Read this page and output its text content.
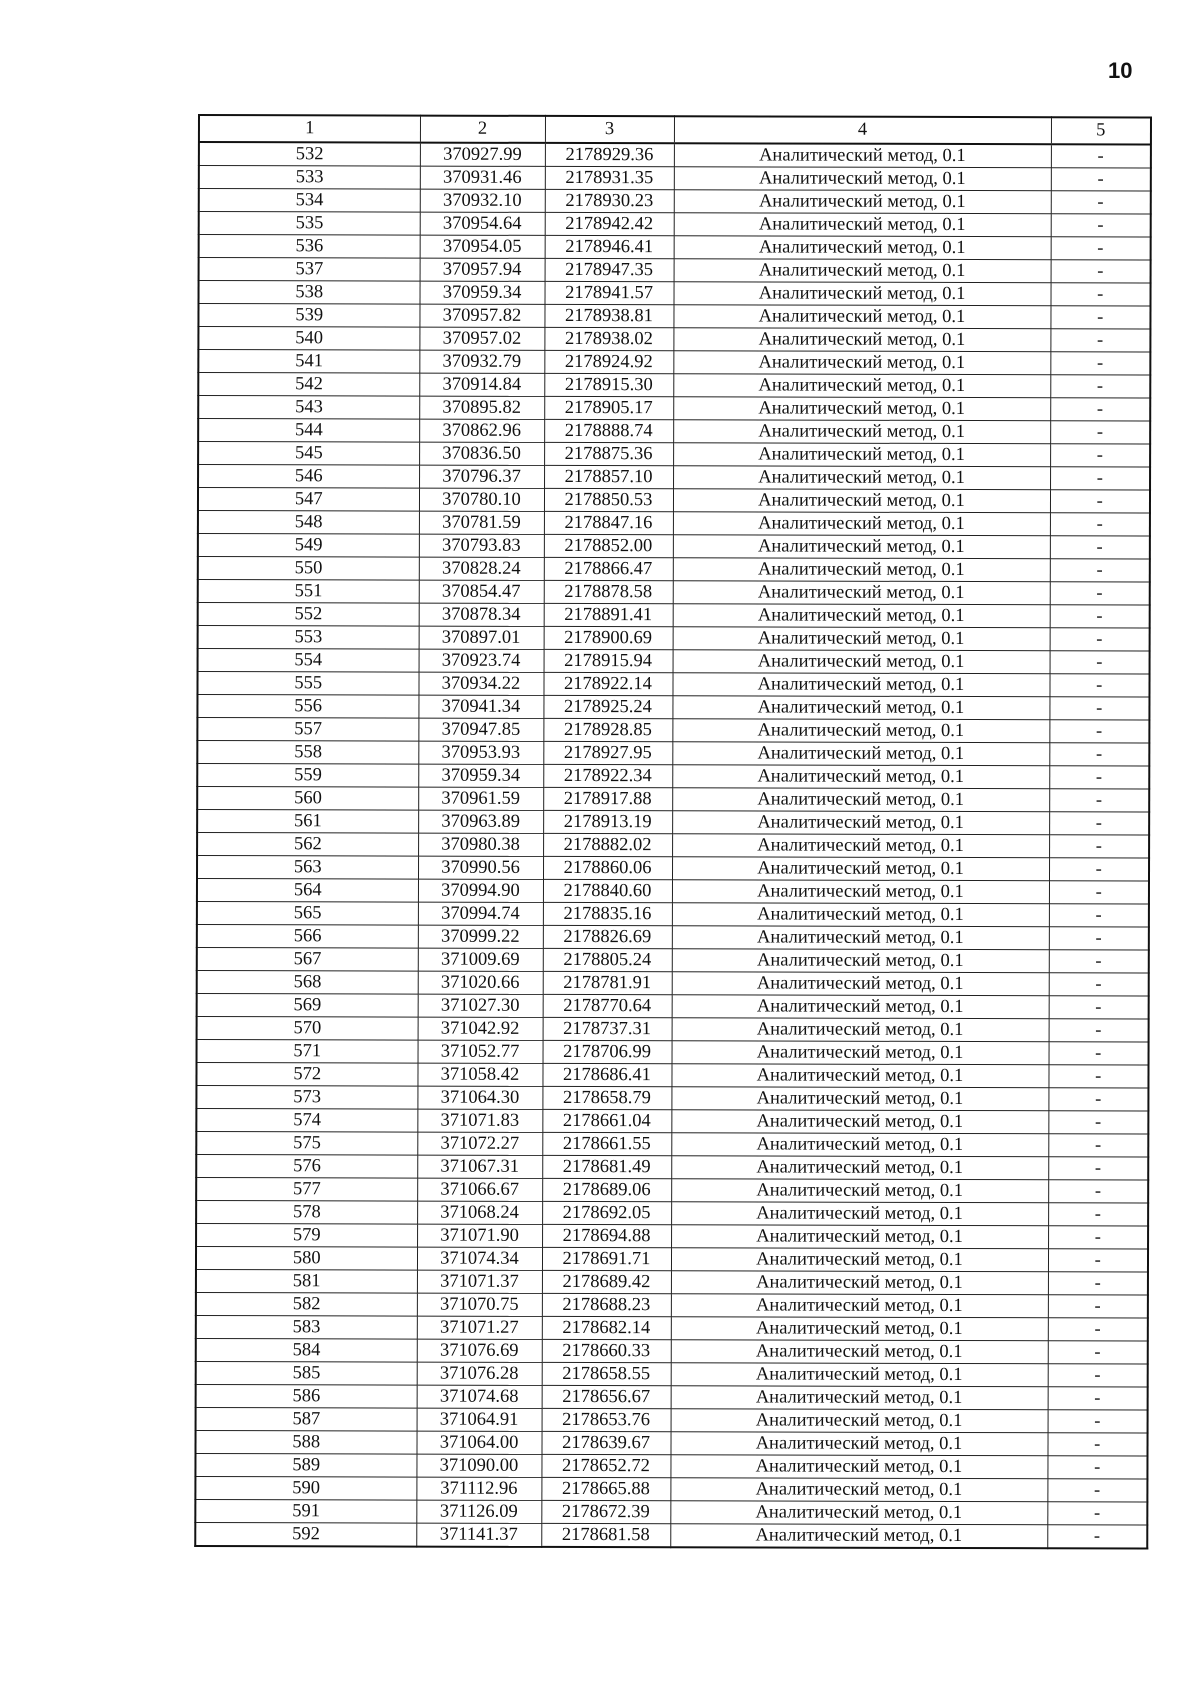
10
1	2	3	4	5
532	370927.99	2178929.36	Аналитический метод, 0.1	-
533	370931.46	2178931.35	Аналитический метод, 0.1	-
534	370932.10	2178930.23	Аналитический метод, 0.1	-
535	370954.64	2178942.42	Аналитический метод, 0.1	-
536	370954.05	2178946.41	Аналитический метод, 0.1	-
537	370957.94	2178947.35	Аналитический метод, 0.1	-
538	370959.34	2178941.57	Аналитический метод, 0.1	-
539	370957.82	2178938.81	Аналитический метод, 0.1	-
540	370957.02	2178938.02	Аналитический метод, 0.1	-
541	370932.79	2178924.92	Аналитический метод, 0.1	-
542	370914.84	2178915.30	Аналитический метод, 0.1	-
543	370895.82	2178905.17	Аналитический метод, 0.1	-
544	370862.96	2178888.74	Аналитический метод, 0.1	-
545	370836.50	2178875.36	Аналитический метод, 0.1	-
546	370796.37	2178857.10	Аналитический метод, 0.1	-
547	370780.10	2178850.53	Аналитический метод, 0.1	-
548	370781.59	2178847.16	Аналитический метод, 0.1	-
549	370793.83	2178852.00	Аналитический метод, 0.1	-
550	370828.24	2178866.47	Аналитический метод, 0.1	-
551	370854.47	2178878.58	Аналитический метод, 0.1	-
552	370878.34	2178891.41	Аналитический метод, 0.1	-
553	370897.01	2178900.69	Аналитический метод, 0.1	-
554	370923.74	2178915.94	Аналитический метод, 0.1	-
555	370934.22	2178922.14	Аналитический метод, 0.1	-
556	370941.34	2178925.24	Аналитический метод, 0.1	-
557	370947.85	2178928.85	Аналитический метод, 0.1	-
558	370953.93	2178927.95	Аналитический метод, 0.1	-
559	370959.34	2178922.34	Аналитический метод, 0.1	-
560	370961.59	2178917.88	Аналитический метод, 0.1	-
561	370963.89	2178913.19	Аналитический метод, 0.1	-
562	370980.38	2178882.02	Аналитический метод, 0.1	-
563	370990.56	2178860.06	Аналитический метод, 0.1	-
564	370994.90	2178840.60	Аналитический метод, 0.1	-
565	370994.74	2178835.16	Аналитический метод, 0.1	-
566	370999.22	2178826.69	Аналитический метод, 0.1	-
567	371009.69	2178805.24	Аналитический метод, 0.1	-
568	371020.66	2178781.91	Аналитический метод, 0.1	-
569	371027.30	2178770.64	Аналитический метод, 0.1	-
570	371042.92	2178737.31	Аналитический метод, 0.1	-
571	371052.77	2178706.99	Аналитический метод, 0.1	-
572	371058.42	2178686.41	Аналитический метод, 0.1	-
573	371064.30	2178658.79	Аналитический метод, 0.1	-
574	371071.83	2178661.04	Аналитический метод, 0.1	-
575	371072.27	2178661.55	Аналитический метод, 0.1	-
576	371067.31	2178681.49	Аналитический метод, 0.1	-
577	371066.67	2178689.06	Аналитический метод, 0.1	-
578	371068.24	2178692.05	Аналитический метод, 0.1	-
579	371071.90	2178694.88	Аналитический метод, 0.1	-
580	371074.34	2178691.71	Аналитический метод, 0.1	-
581	371071.37	2178689.42	Аналитический метод, 0.1	-
582	371070.75	2178688.23	Аналитический метод, 0.1	-
583	371071.27	2178682.14	Аналитический метод, 0.1	-
584	371076.69	2178660.33	Аналитический метод, 0.1	-
585	371076.28	2178658.55	Аналитический метод, 0.1	-
586	371074.68	2178656.67	Аналитический метод, 0.1	-
587	371064.91	2178653.76	Аналитический метод, 0.1	-
588	371064.00	2178639.67	Аналитический метод, 0.1	-
589	371090.00	2178652.72	Аналитический метод, 0.1	-
590	371112.96	2178665.88	Аналитический метод, 0.1	-
591	371126.09	2178672.39	Аналитический метод, 0.1	-
592	371141.37	2178681.58	Аналитический метод, 0.1	-
